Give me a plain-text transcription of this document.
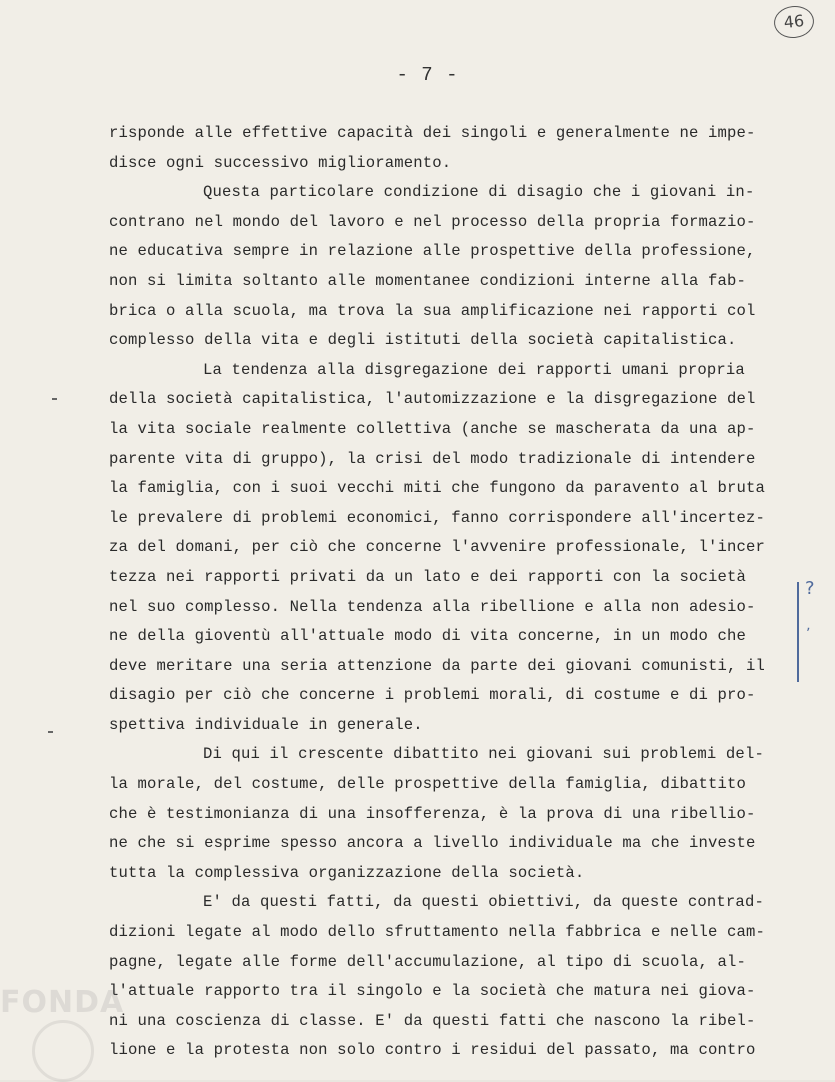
46
- 7 -
risponde alle effettive capacità dei singoli e generalmente ne impe-
disce ogni successivo miglioramento.
Questa particolare condizione di disagio che i giovani in-
contrano nel mondo del lavoro e nel processo della propria formazio-
ne educativa sempre in relazione alle prospettive della professione,
non si limita soltanto alle momentanee condizioni interne alla fab-
brica o alla scuola, ma trova la sua amplificazione nei rapporti col
complesso della vita e degli istituti della società capitalistica.
La tendenza alla disgregazione dei rapporti umani propria
della società capitalistica, l'automizzazione e la disgregazione del
la vita sociale realmente collettiva (anche se mascherata da una ap-
parente vita di gruppo), la crisi del modo tradizionale di intendere
la famiglia, con i suoi vecchi miti che fungono da paravento al bruta
le prevalere di problemi economici, fanno corrispondere all'incertez-
za del domani, per ciò che concerne l'avvenire professionale, l'incer
tezza nei rapporti privati da un lato e dei rapporti con la società
nel suo complesso. Nella tendenza alla ribellione e alla non adesio-
ne della gioventù all'attuale modo di vita concerne, in un modo che
deve meritare una seria attenzione da parte dei giovani comunisti, il
disagio per ciò che concerne i problemi morali, di costume e di pro-
spettiva individuale in generale.
Di qui il crescente dibattito nei giovani sui problemi del-
la morale, del costume, delle prospettive della famiglia, dibattito
che è testimonianza di una insofferenza, è la prova di una ribellio-
ne che si esprime spesso ancora a livello individuale ma che investe
tutta la complessiva organizzazione della società.
E' da questi fatti, da questi obiettivi, da queste contrad-
dizioni legate al modo dello sfruttamento nella fabbrica e nelle cam-
pagne, legate alle forme dell'accumulazione, al tipo di scuola, al-
l'attuale rapporto tra il singolo e la società che matura nei giova-
ni una coscienza di classe. E' da questi fatti che nascono la ribel-
lione e la protesta non solo contro i residui del passato, ma contro
?
ʼ
FONDA
